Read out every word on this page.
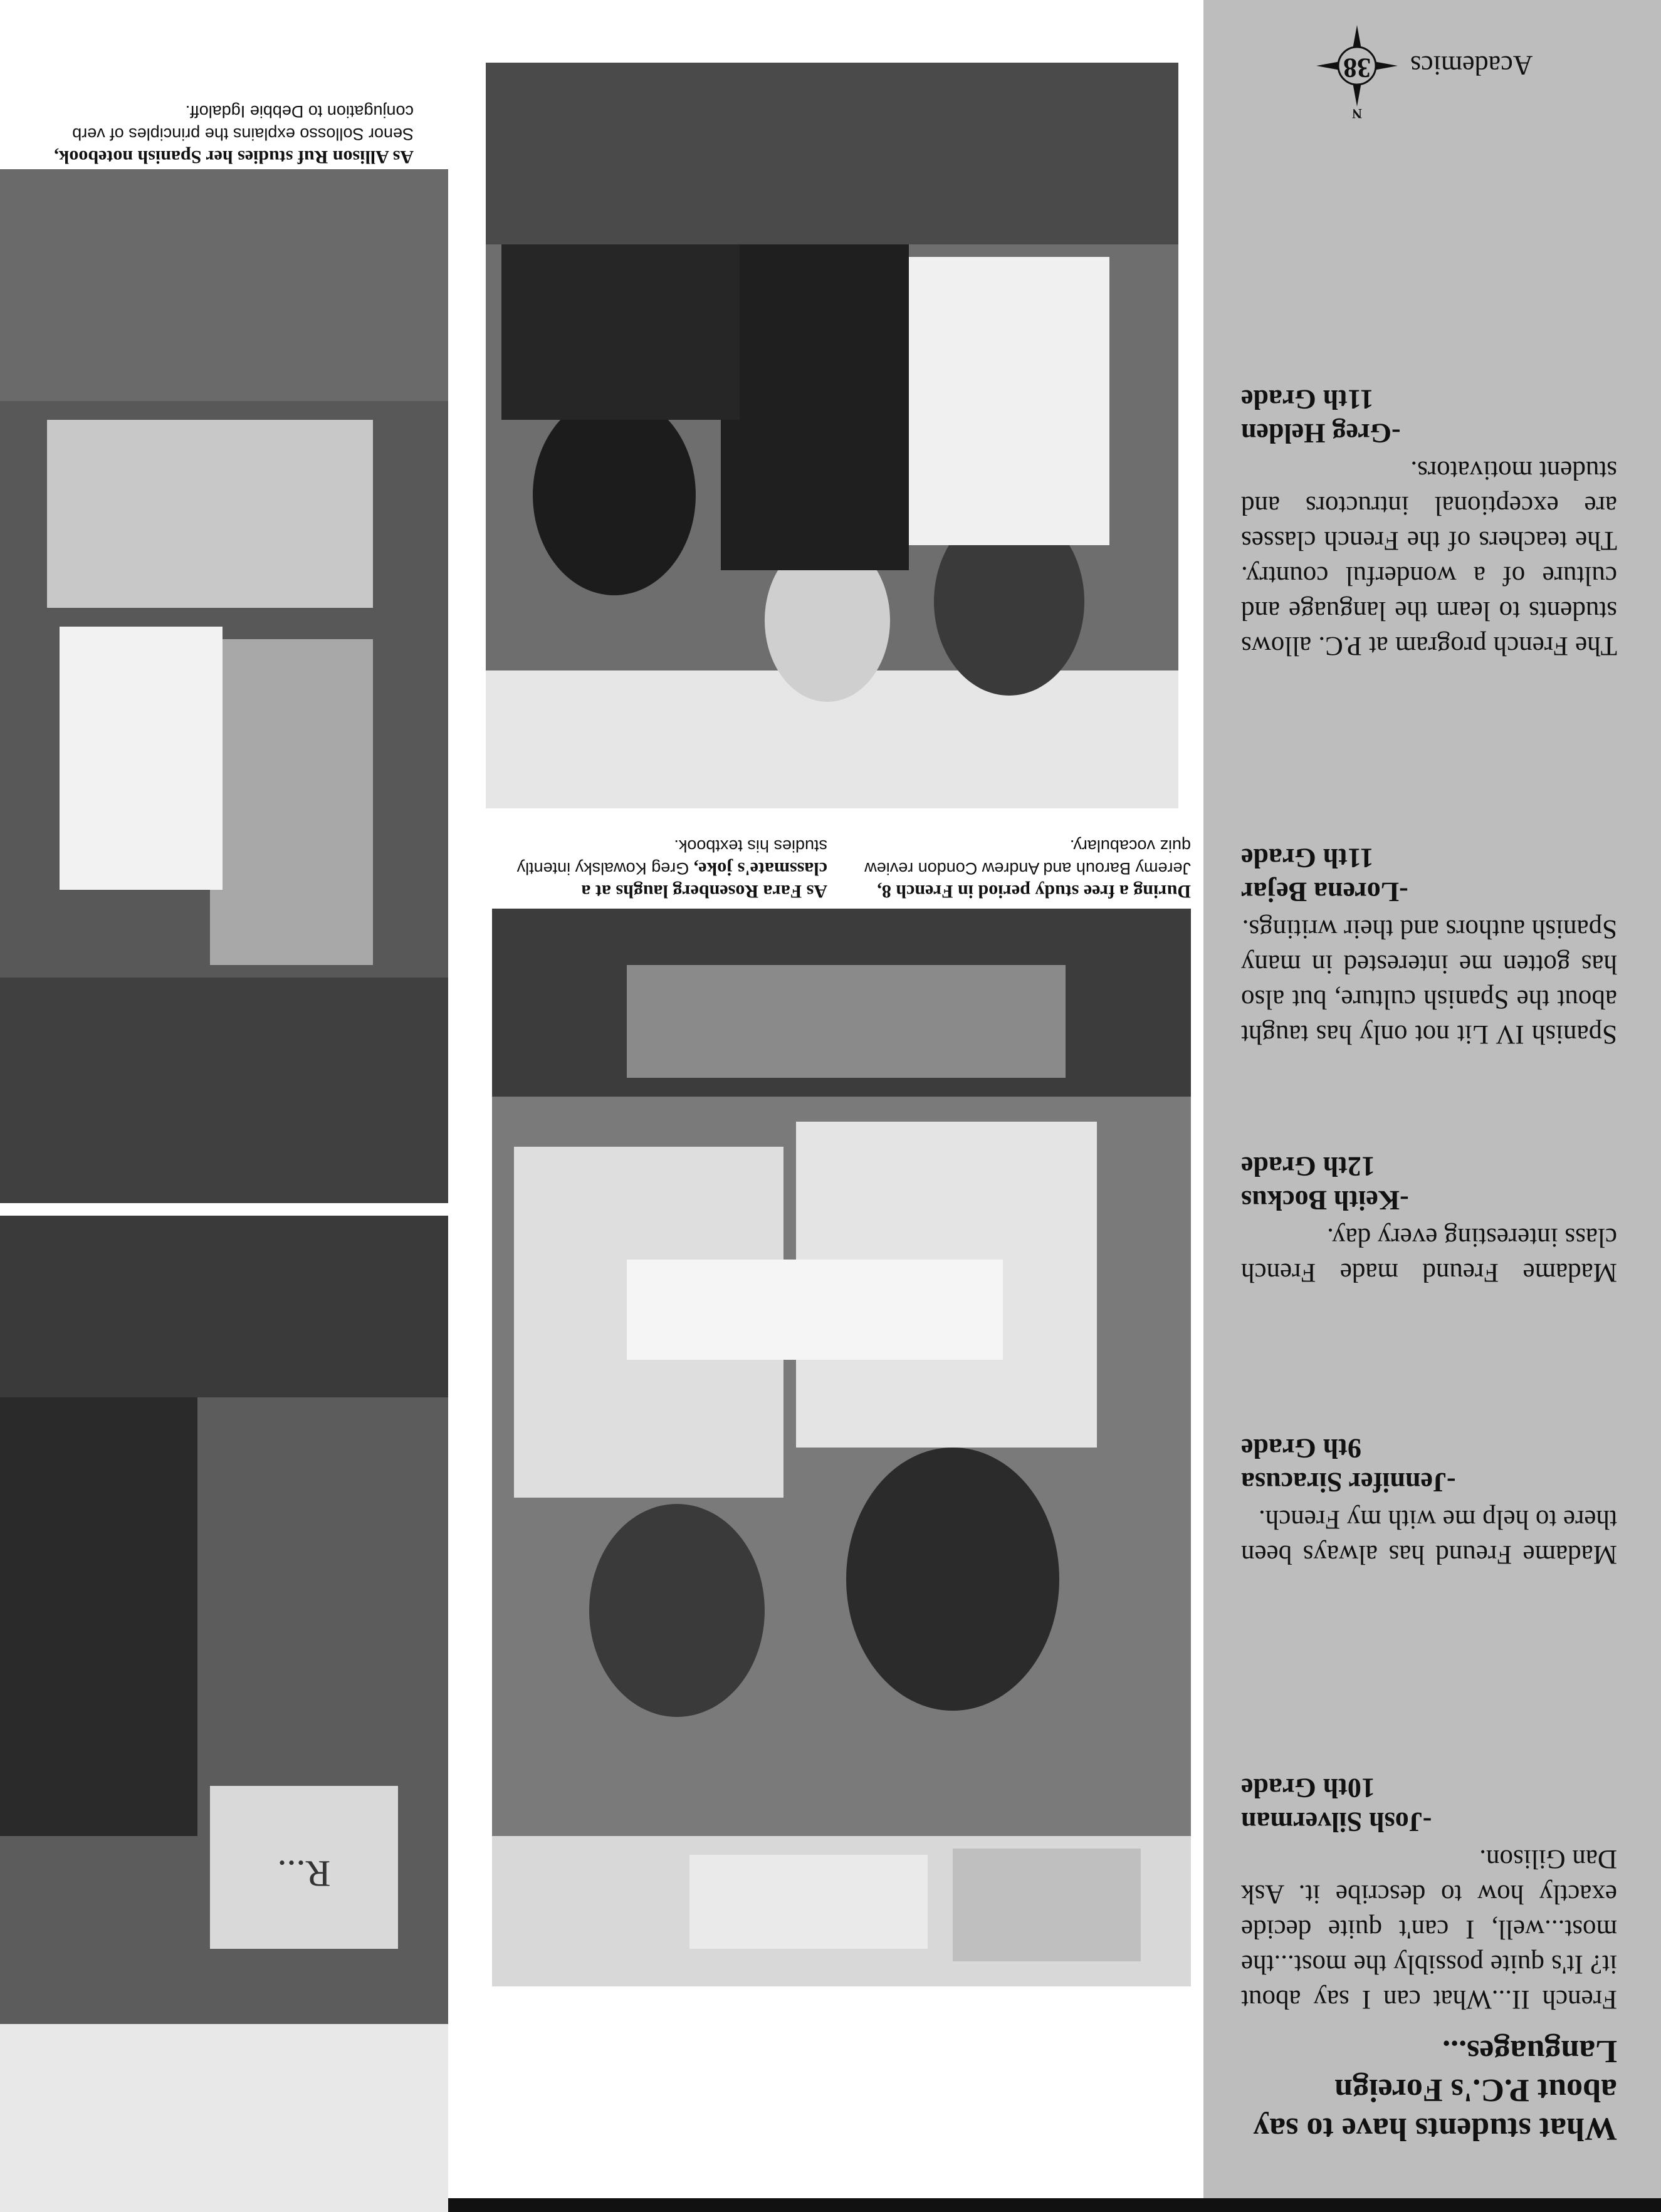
What students have to say about P.C.'s Foreign Languages...
French II...What can I say about it? It's quite possibly the most...the most...well, I can't quite decide exactly how to describe it. Ask Dan Gilison.
-Josh Silverman
10th Grade
Madame Freund has always been there to help me with my French.
-Jennifer Siracusa
9th Grade
Madame Freund made French class interesting every day.
-Keith Bockus
12th Grade
Spanish IV Lit not only has taught about the Spanish culture, but also has gotten me interested in many Spanish authors and their writings.
-Lorena Bejar
11th Grade
The French program at P.C. allows students to learn the language and culture of a wonderful country. The teachers of the French classes are exceptional intructors and student motivators.
-Greg Helden
11th Grade
Academics
N
38
R...
During a free study period in French 8, Jeremy Barouh and Andrew Condon review quiz vocabulary.
As Fara Rosenberg laughs at a classmate's joke, Greg Kowalsky intently studies his textbook.
As Allison Ruf studies her Spanish notebook, Senor Sollosso explains the principles of verb conjugation to Debbie Igdaloff.
